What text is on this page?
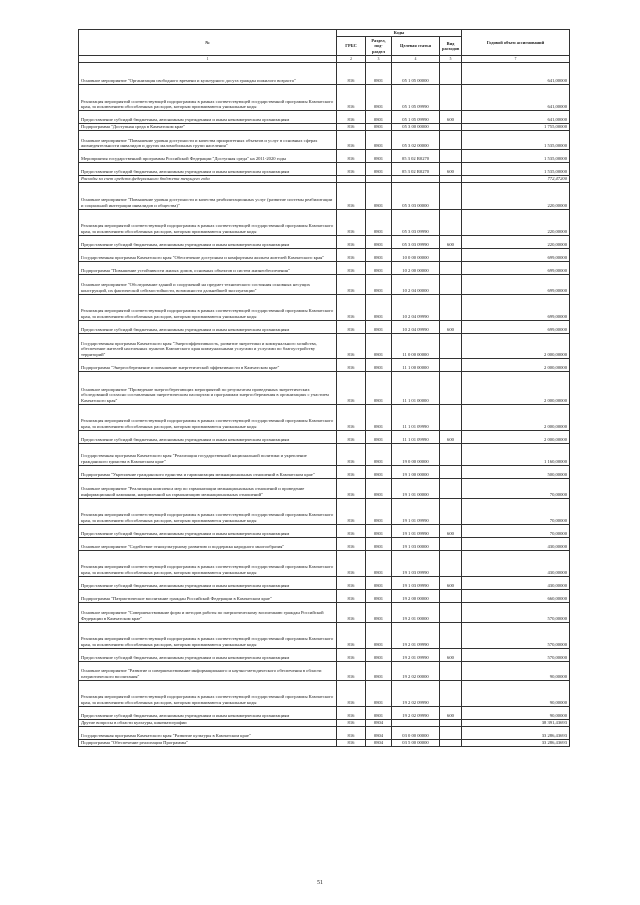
№	Коды				Годовой объем ассигнований
	ГРБС	Раздел, под-раздел	Целевая статья	Вид расходов	
1	2	3	4	5	7
Основное мероприятие "Организация свободного времени и культурного досуга граждан пожилого возраста"	816	0801	05 1 05 00000		641,00000
Реализация мероприятий соответствующей подпрограммы в рамках соответствующей государственной программы Камчатского края, за исключением обособленных расходов, которым присваиваются уникальные коды	816	0801	05 1 05 09990		641,00000
Предоставление субсидий бюджетным, автономным учреждениям и иным некоммерческим организациям	816	0801	05 1 05 09990	600	641,00000
Подпрограмма "Доступная среда в Камчатском крае"	816	0801	05 3 00 00000		1 755,00000
Основное мероприятие "Повышение уровня доступности и качества приоритетных объектов и услуг в основных сферах жизнедеятельности инвалидов и других маломобильных групп населения"	816	0801	05 3 02 00000		1 535,00000
Мероприятия государственной программы Российской Федерации "Доступная среда" на 2011-2020 годы	816	0801	05 3 02 R0270		1 535,00000
Предоставление субсидий бюджетным, автономным учреждениям и иным некоммерческим организациям	816	0801	05 3 02 R0270	600	1 535,00000
Расходы за счет средств федерального бюджета текущего года					772,47200
Основное мероприятие "Повышение уровня доступности и качества реабилитационных услуг (развитие системы реабилитации и социальной интеграции инвалидов и общества)"	816	0801	05 3 03 00000		220,00000
Реализация мероприятий соответствующей подпрограммы в рамках соответствующей государственной программы Камчатского края, за исключением обособленных расходов, которым присваиваются уникальные коды	816	0801	05 3 03 09990		220,00000
Предоставление субсидий бюджетным, автономным учреждениям и иным некоммерческим организациям	816	0801	05 3 03 09990	600	220,00000
Государственная программа Камчатского края "Обеспечение доступным и комфортным жильем жителей Камчатского края"	816	0801	10 0 00 00000		699,00000
Подпрограмма "Повышение устойчивости жилых домов, основных объектов и систем жизнеобеспечения"	816	0801	10 2 00 00000		699,00000
Основное мероприятие "Обследование зданий и сооружений на предмет технического состояния основных несущих конструкций, их фактической сейсмостойкости, возможности дальнейшей эксплуатации"	816	0801	10 2 04 00000		699,00000
Реализация мероприятий соответствующей подпрограммы в рамках соответствующей государственной программы Камчатского края, за исключением обособленных расходов, которым присваиваются уникальные коды	816	0801	10 2 04 09990		699,00000
Предоставление субсидий бюджетным, автономным учреждениям и иным некоммерческим организациям	816	0801	10 2 04 09990	600	699,00000
Государственная программа Камчатского края "Энергоэффективность, развитие энергетики и коммунального хозяйства, обеспечение жителей населенных пунктов Камчатского края коммунальными услугами и услугами по благоустройству территорий"	816	0801	11 0 00 00000		2 000,00000
Подпрограмма "Энергосбережение и повышение энергетической эффективности в Камчатском крае"	816	0801	11 1 00 00000		2 000,00000
Основное мероприятие "Проведение энергосберегающих мероприятий по результатам проведенных энергетических обследований согласно составленным энергетическим паспортам и программам энергосбережения в организациях с участием Камчатского края"	816	0801	11 1 01 00000		2 000,00000
Реализация мероприятий соответствующей подпрограммы в рамках соответствующей государственной программы Камчатского края, за исключением обособленных расходов, которым присваиваются уникальные коды	816	0801	11 1 01 09990		2 000,00000
Предоставление субсидий бюджетным, автономным учреждениям и иным некоммерческим организациям	816	0801	11 1 01 09990	600	2 000,00000
Государственная программа Камчатского края "Реализация государственной национальной политики и укрепление гражданского единства в Камчатском крае"	816	0801	19 0 00 00000		1 160,00000
Подпрограмма "Укрепление гражданского единства и гармонизация межнациональных отношений в Камчатском крае"	816	0801	19 1 00 00000		500,00000
Основное мероприятие "Реализация комплекса мер по гармонизации межнациональных отношений и проведение информационной кампании, направленной на гармонизацию межнациональных отношений"	816	0801	19 1 01 00000		70,00000
Реализация мероприятий соответствующей подпрограммы в рамках соответствующей государственной программы Камчатского края, за исключением обособленных расходов, которым присваиваются уникальные коды	816	0801	19 1 01 09990		70,00000
Предоставление субсидий бюджетным, автономным учреждениям и иным некоммерческим организациям	816	0801	19 1 01 09990	600	70,00000
Основное мероприятие "Содействие этнокультурному развитию и поддержка народного многообразия"	816	0801	19 1 03 00000		430,00000
Реализация мероприятий соответствующей подпрограммы в рамках соответствующей государственной программы Камчатского края, за исключением обособленных расходов, которым присваиваются уникальные коды	816	0801	19 1 03 09990		430,00000
Предоставление субсидий бюджетным, автономным учреждениям и иным некоммерческим организациям	816	0801	19 1 03 09990	600	430,00000
Подпрограмма "Патриотическое воспитание граждан Российской Федерации в Камчатском крае"	816	0801	19 2 00 00000		660,00000
Основное мероприятие "Совершенствование форм и методов работы по патриотическому воспитанию граждан Российской Федерации в Камчатском крае"	816	0801	19 2 01 00000		570,00000
Реализация мероприятий соответствующей подпрограммы в рамках соответствующей государственной программы Камчатского края, за исключением обособленных расходов, которым присваиваются уникальные коды	816	0801	19 2 01 09990		570,00000
Предоставление субсидий бюджетным, автономным учреждениям и иным некоммерческим организациям	816	0801	19 2 01 09990	600	570,00000
Основное мероприятие "Развитие и совершенствование информационного и научно-методического обеспечения в области патриотического воспитания"	816	0801	19 2 02 00000		90,00000
Реализация мероприятий соответствующей подпрограммы в рамках соответствующей государственной программы Камчатского края, за исключением обособленных расходов, которым присваиваются уникальные коды	816	0801	19 2 02 09990		90,00000
Предоставление субсидий бюджетным, автономным учреждениям и иным некоммерческим организациям	816	0801	19 2 02 09990	600	90,00000
Другие вопросы в области культуры, кинематографии	816	0804			38 391,43693
Государственная программа Камчатского края "Развитие культуры в Камчатском крае"	816	0804	03 0 00 00000		33 286,43693
Подпрограмма "Обеспечение реализации Программы"	816	0804	03 5 00 00000		33 286,43693
51
